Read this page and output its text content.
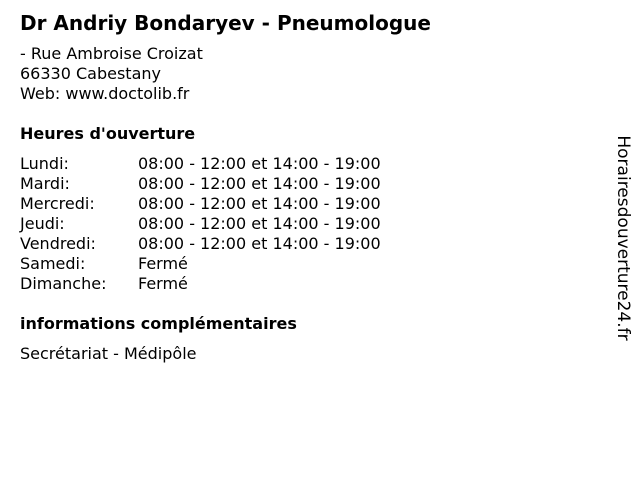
Dr Andriy Bondaryev - Pneumologue
- Rue Ambroise Croizat
66330 Cabestany
Web: www.doctolib.fr
Heures d'ouverture
Lundi:	08:00 - 12:00 et 14:00 - 19:00
Mardi:	08:00 - 12:00 et 14:00 - 19:00
Mercredi:	08:00 - 12:00 et 14:00 - 19:00
Jeudi:	08:00 - 12:00 et 14:00 - 19:00
Vendredi:	08:00 - 12:00 et 14:00 - 19:00
Samedi:	Fermé
Dimanche: Fermé
informations complémentaires
Secrétariat - Médipôle
Horairesdouverture24.fr
